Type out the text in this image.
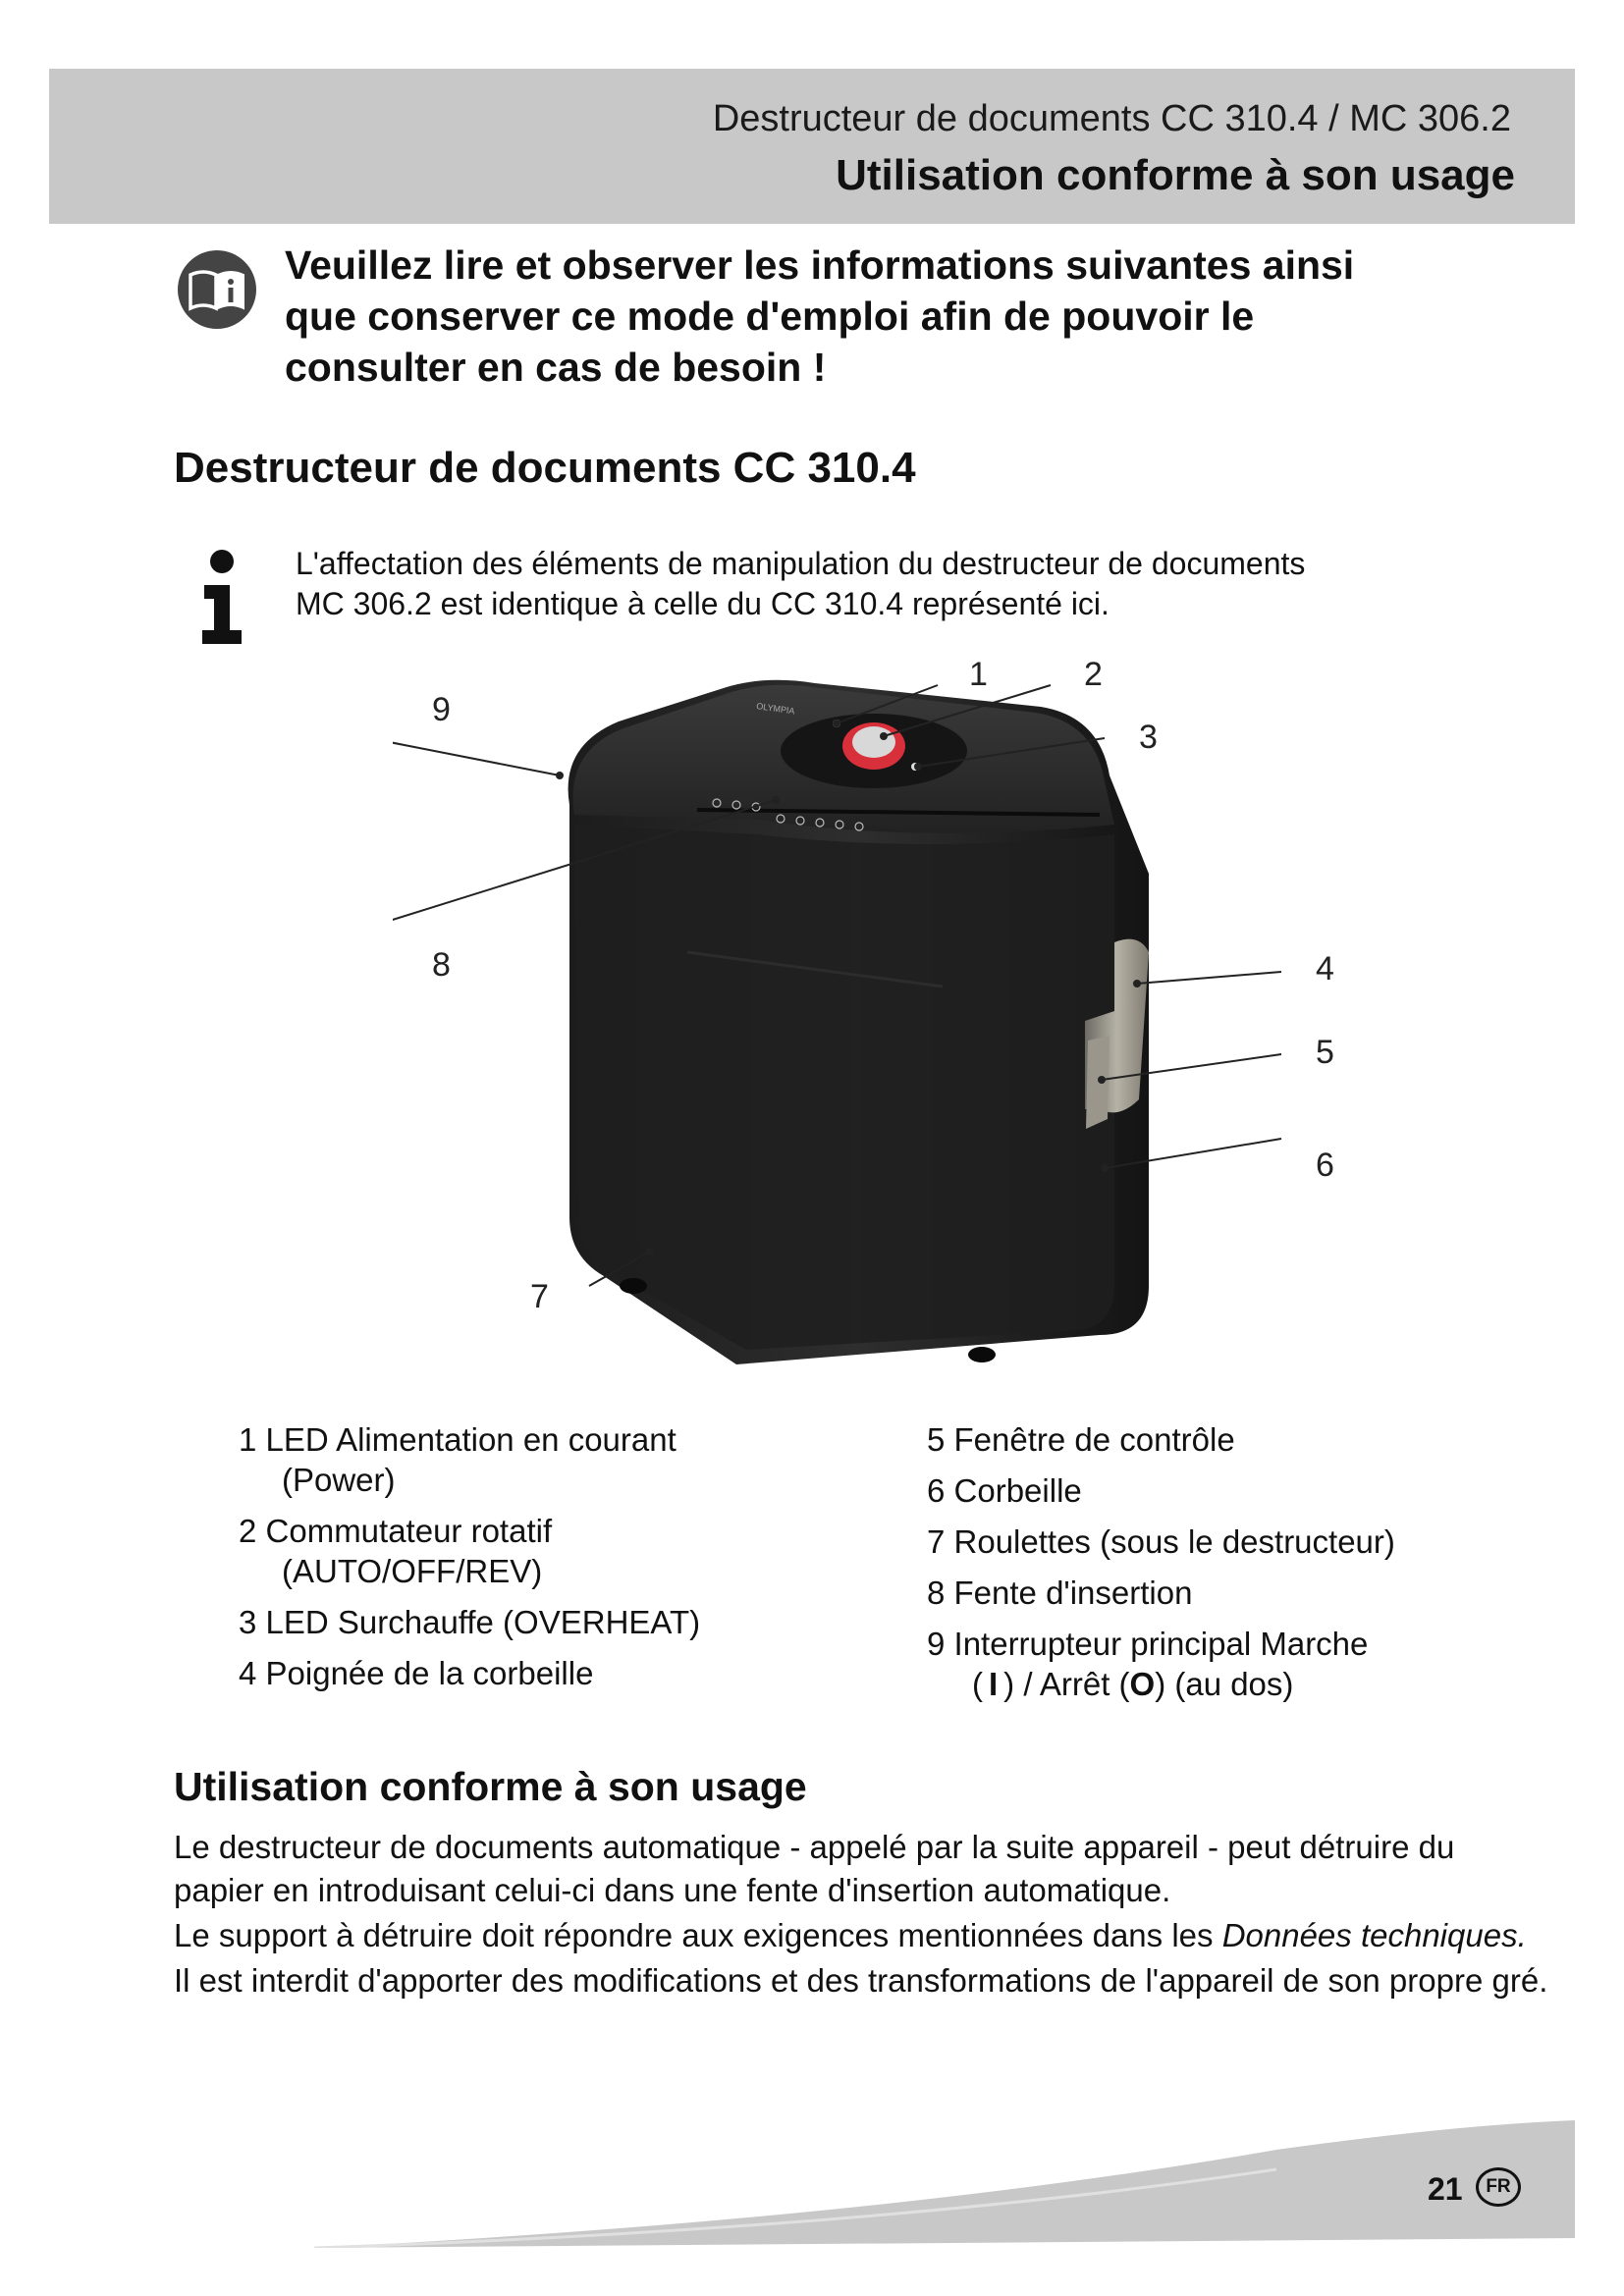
Destructeur de documents CC 310.4 / MC 306.2
Utilisation conforme à son usage
Veuillez lire et observer les informations suivantes ainsi
que conserver ce mode d'emploi afin de pouvoir le
consulter en cas de besoin !
Destructeur de documents CC 310.4
L'affectation des éléments de manipulation du destructeur de documents
MC 306.2 est identique à celle du CC 310.4 représenté ici.
OLYMPIA
1	2
3
4
5
6
7
8
9
1 LED Alimentation en courant
(Power)
2 Commutateur rotatif
(AUTO/OFF/REV)
3 LED Surchauffe (OVERHEAT)
4 Poignée de la corbeille
5 Fenêtre de contrôle
6 Corbeille
7 Roulettes (sous le destructeur)
8 Fente d'insertion
9 Interrupteur principal Marche
( I ) / Arrêt (O) (au dos)
Utilisation conforme à son usage

Le destructeur de documents automatique - appelé par la suite appareil - peut détruire du papier en introduisant celui-ci dans une fente d'insertion automatique.

Le support à détruire doit répondre aux exigences mentionnées dans les Données techniques.

Il est interdit d'apporter des modifications et des transformations de l'appareil de son propre gré.

21	FR
